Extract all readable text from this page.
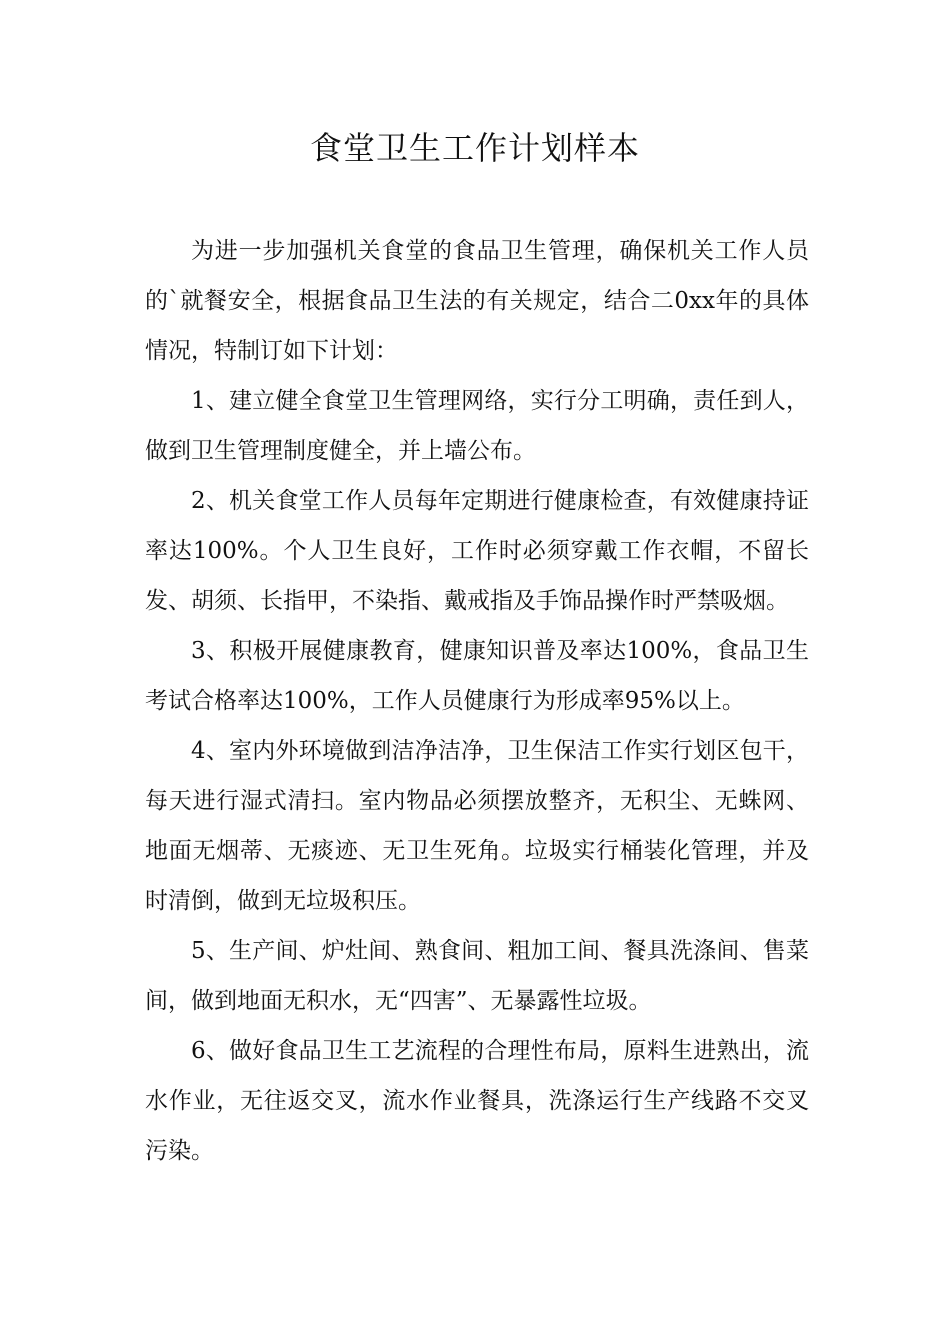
食堂卫生工作计划样本

为进一步加强机关食堂的食品卫生管理，确保机关工作人员的`就餐安全，根据食品卫生法的有关规定，结合二0xx年的具体情况，特制订如下计划：

1、建立健全食堂卫生管理网络，实行分工明确，责任到人，做到卫生管理制度健全，并上墙公布。

2、机关食堂工作人员每年定期进行健康检查，有效健康持证率达100%。个人卫生良好，工作时必须穿戴工作衣帽，不留长发、胡须、长指甲，不染指、戴戒指及手饰品操作时严禁吸烟。

3、积极开展健康教育，健康知识普及率达100%，食品卫生考试合格率达100%，工作人员健康行为形成率95%以上。

4、室内外环境做到洁净洁净，卫生保洁工作实行划区包干，每天进行湿式清扫。室内物品必须摆放整齐，无积尘、无蛛网、地面无烟蒂、无痰迹、无卫生死角。垃圾实行桶装化管理，并及时清倒，做到无垃圾积压。

5、生产间、炉灶间、熟食间、粗加工间、餐具洗涤间、售菜间，做到地面无积水，无“四害”、无暴露性垃圾。

6、做好食品卫生工艺流程的合理性布局，原料生进熟出，流水作业，无往返交叉，流水作业餐具，洗涤运行生产线路不交叉污染。
